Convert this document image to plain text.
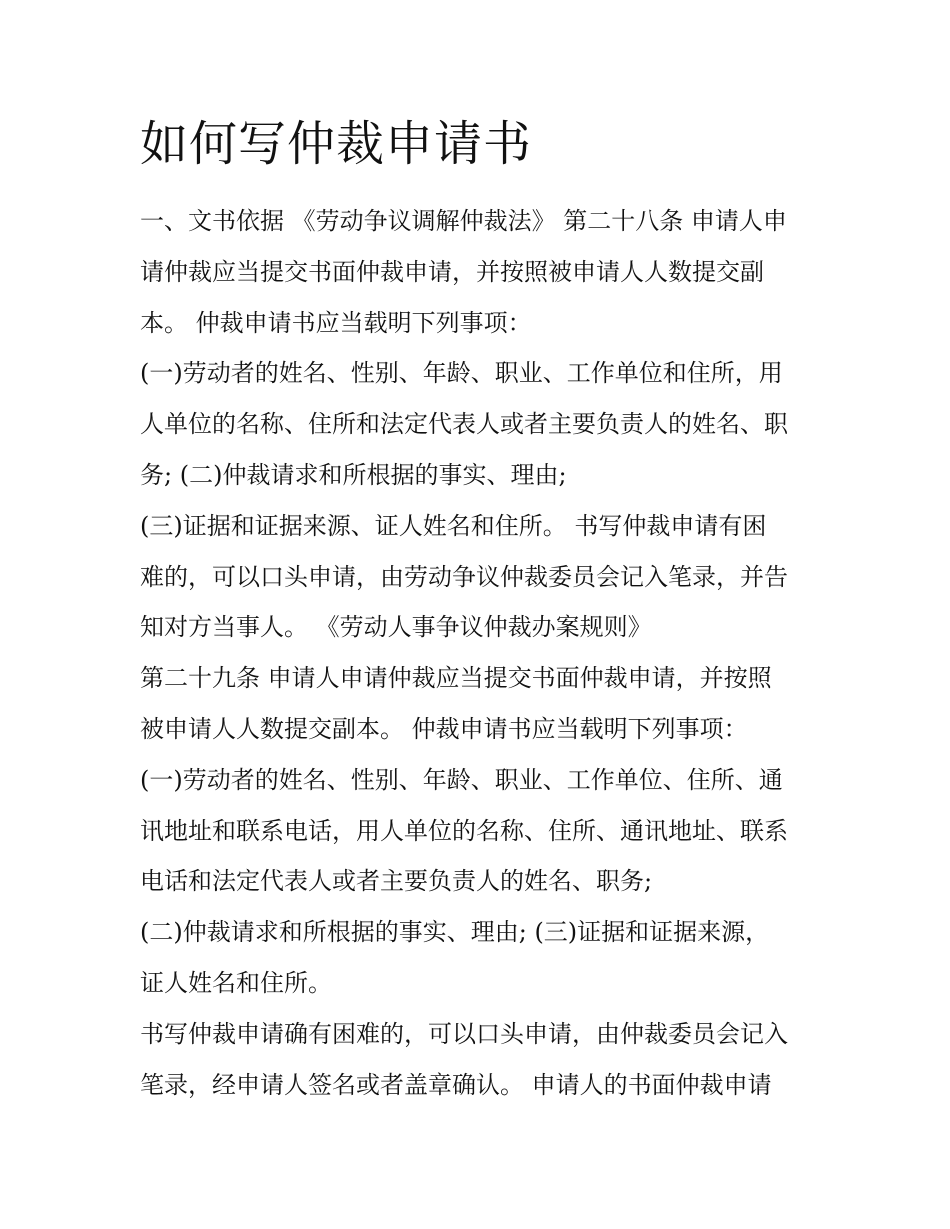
如何写仲裁申请书
一、文书依据 《劳动争议调解仲裁法》 第二十八条 申请人申
请仲裁应当提交书面仲裁申请，并按照被申请人人数提交副
本。 仲裁申请书应当载明下列事项：
(一)劳动者的姓名、性别、年龄、职业、工作单位和住所，用
人单位的名称、住所和法定代表人或者主要负责人的姓名、职
务; (二)仲裁请求和所根据的事实、理由;
(三)证据和证据来源、证人姓名和住所。 书写仲裁申请有困
难的，可以口头申请，由劳动争议仲裁委员会记入笔录，并告
知对方当事人。 《劳动人事争议仲裁办案规则》
第二十九条 申请人申请仲裁应当提交书面仲裁申请，并按照
被申请人人数提交副本。 仲裁申请书应当载明下列事项：
(一)劳动者的姓名、性别、年龄、职业、工作单位、住所、通
讯地址和联系电话，用人单位的名称、住所、通讯地址、联系
电话和法定代表人或者主要负责人的姓名、职务;
(二)仲裁请求和所根据的事实、理由; (三)证据和证据来源，
证人姓名和住所。
书写仲裁申请确有困难的，可以口头申请，由仲裁委员会记入
笔录，经申请人签名或者盖章确认。 申请人的书面仲裁申请
